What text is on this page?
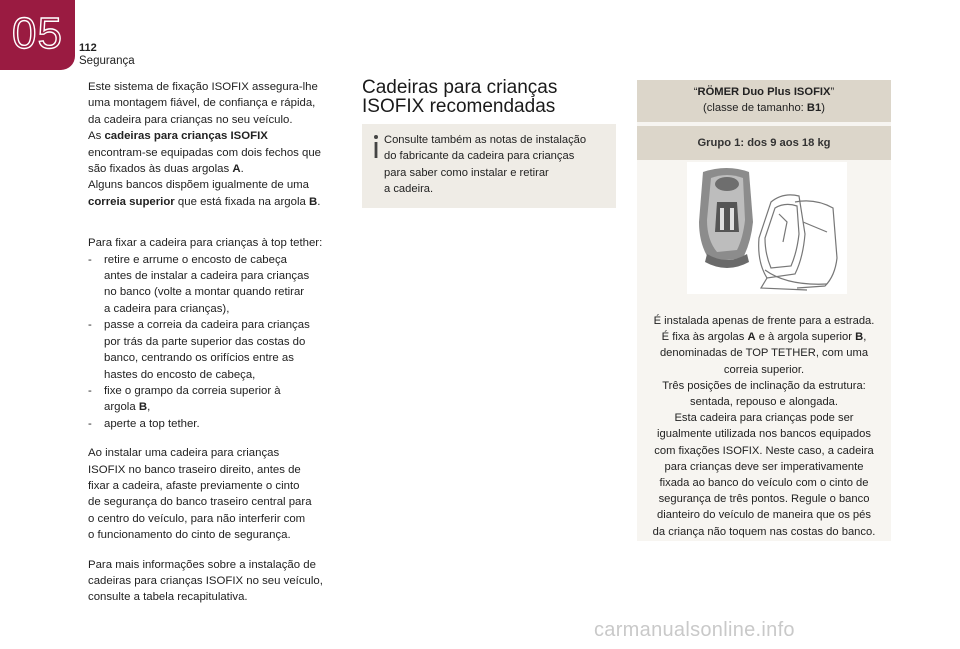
05 112
Segurança

Este sistema de fixação ISOFIX assegura-lhe
uma montagem fiável, de confiança e rápida,
da cadeira para crianças no seu veículo.
As cadeiras para crianças ISOFIX
encontram-se equipadas com dois fechos que
são fixados às duas argolas A.
Alguns bancos dispõem igualmente de uma
correia superior que está fixada na argola B.

Para fixar a cadeira para crianças à top tether:

-	retire e arrume o encosto de cabeça
antes de instalar a cadeira para crianças
no banco (volte a montar quando retirar
a cadeira para crianças),
-	passe a correia da cadeira para crianças
por trás da parte superior das costas do
banco, centrando os orifícios entre as
hastes do encosto de cabeça,
-	fixe o grampo da correia superior à
argola B,
-	aperte a top tether.

Ao instalar uma cadeira para crianças
ISOFIX no banco traseiro direito, antes de
fixar a cadeira, afaste previamente o cinto
de segurança do banco traseiro central para
o centro do veículo, para não interferir com
o funcionamento do cinto de segurança.

Para mais informações sobre a instalação de
cadeiras para crianças ISOFIX no seu veículo,
consulte a tabela recapitulativa.

Cadeiras para crianças
ISOFIX recomendadas
Consulte também as notas de instalação
do fabricante da cadeira para crianças
para saber como instalar e retirar
a cadeira.
“RÖMER Duo Plus ISOFIX”
(classe de tamanho: B1)
Grupo 1: dos 9 aos 18 kg
É instalada apenas de frente para a estrada.
É fixa às argolas A e à argola superior B,
denominadas de TOP TETHER, com uma
correia superior.
Três posições de inclinação da estrutura:
sentada, repouso e alongada.
Esta cadeira para crianças pode ser
igualmente utilizada nos bancos equipados
com fixações ISOFIX. Neste caso, a cadeira
para crianças deve ser imperativamente
fixada ao banco do veículo com o cinto de
segurança de três pontos. Regule o banco
dianteiro do veículo de maneira que os pés
da criança não toquem nas costas do banco.
carmanualsonline.info
